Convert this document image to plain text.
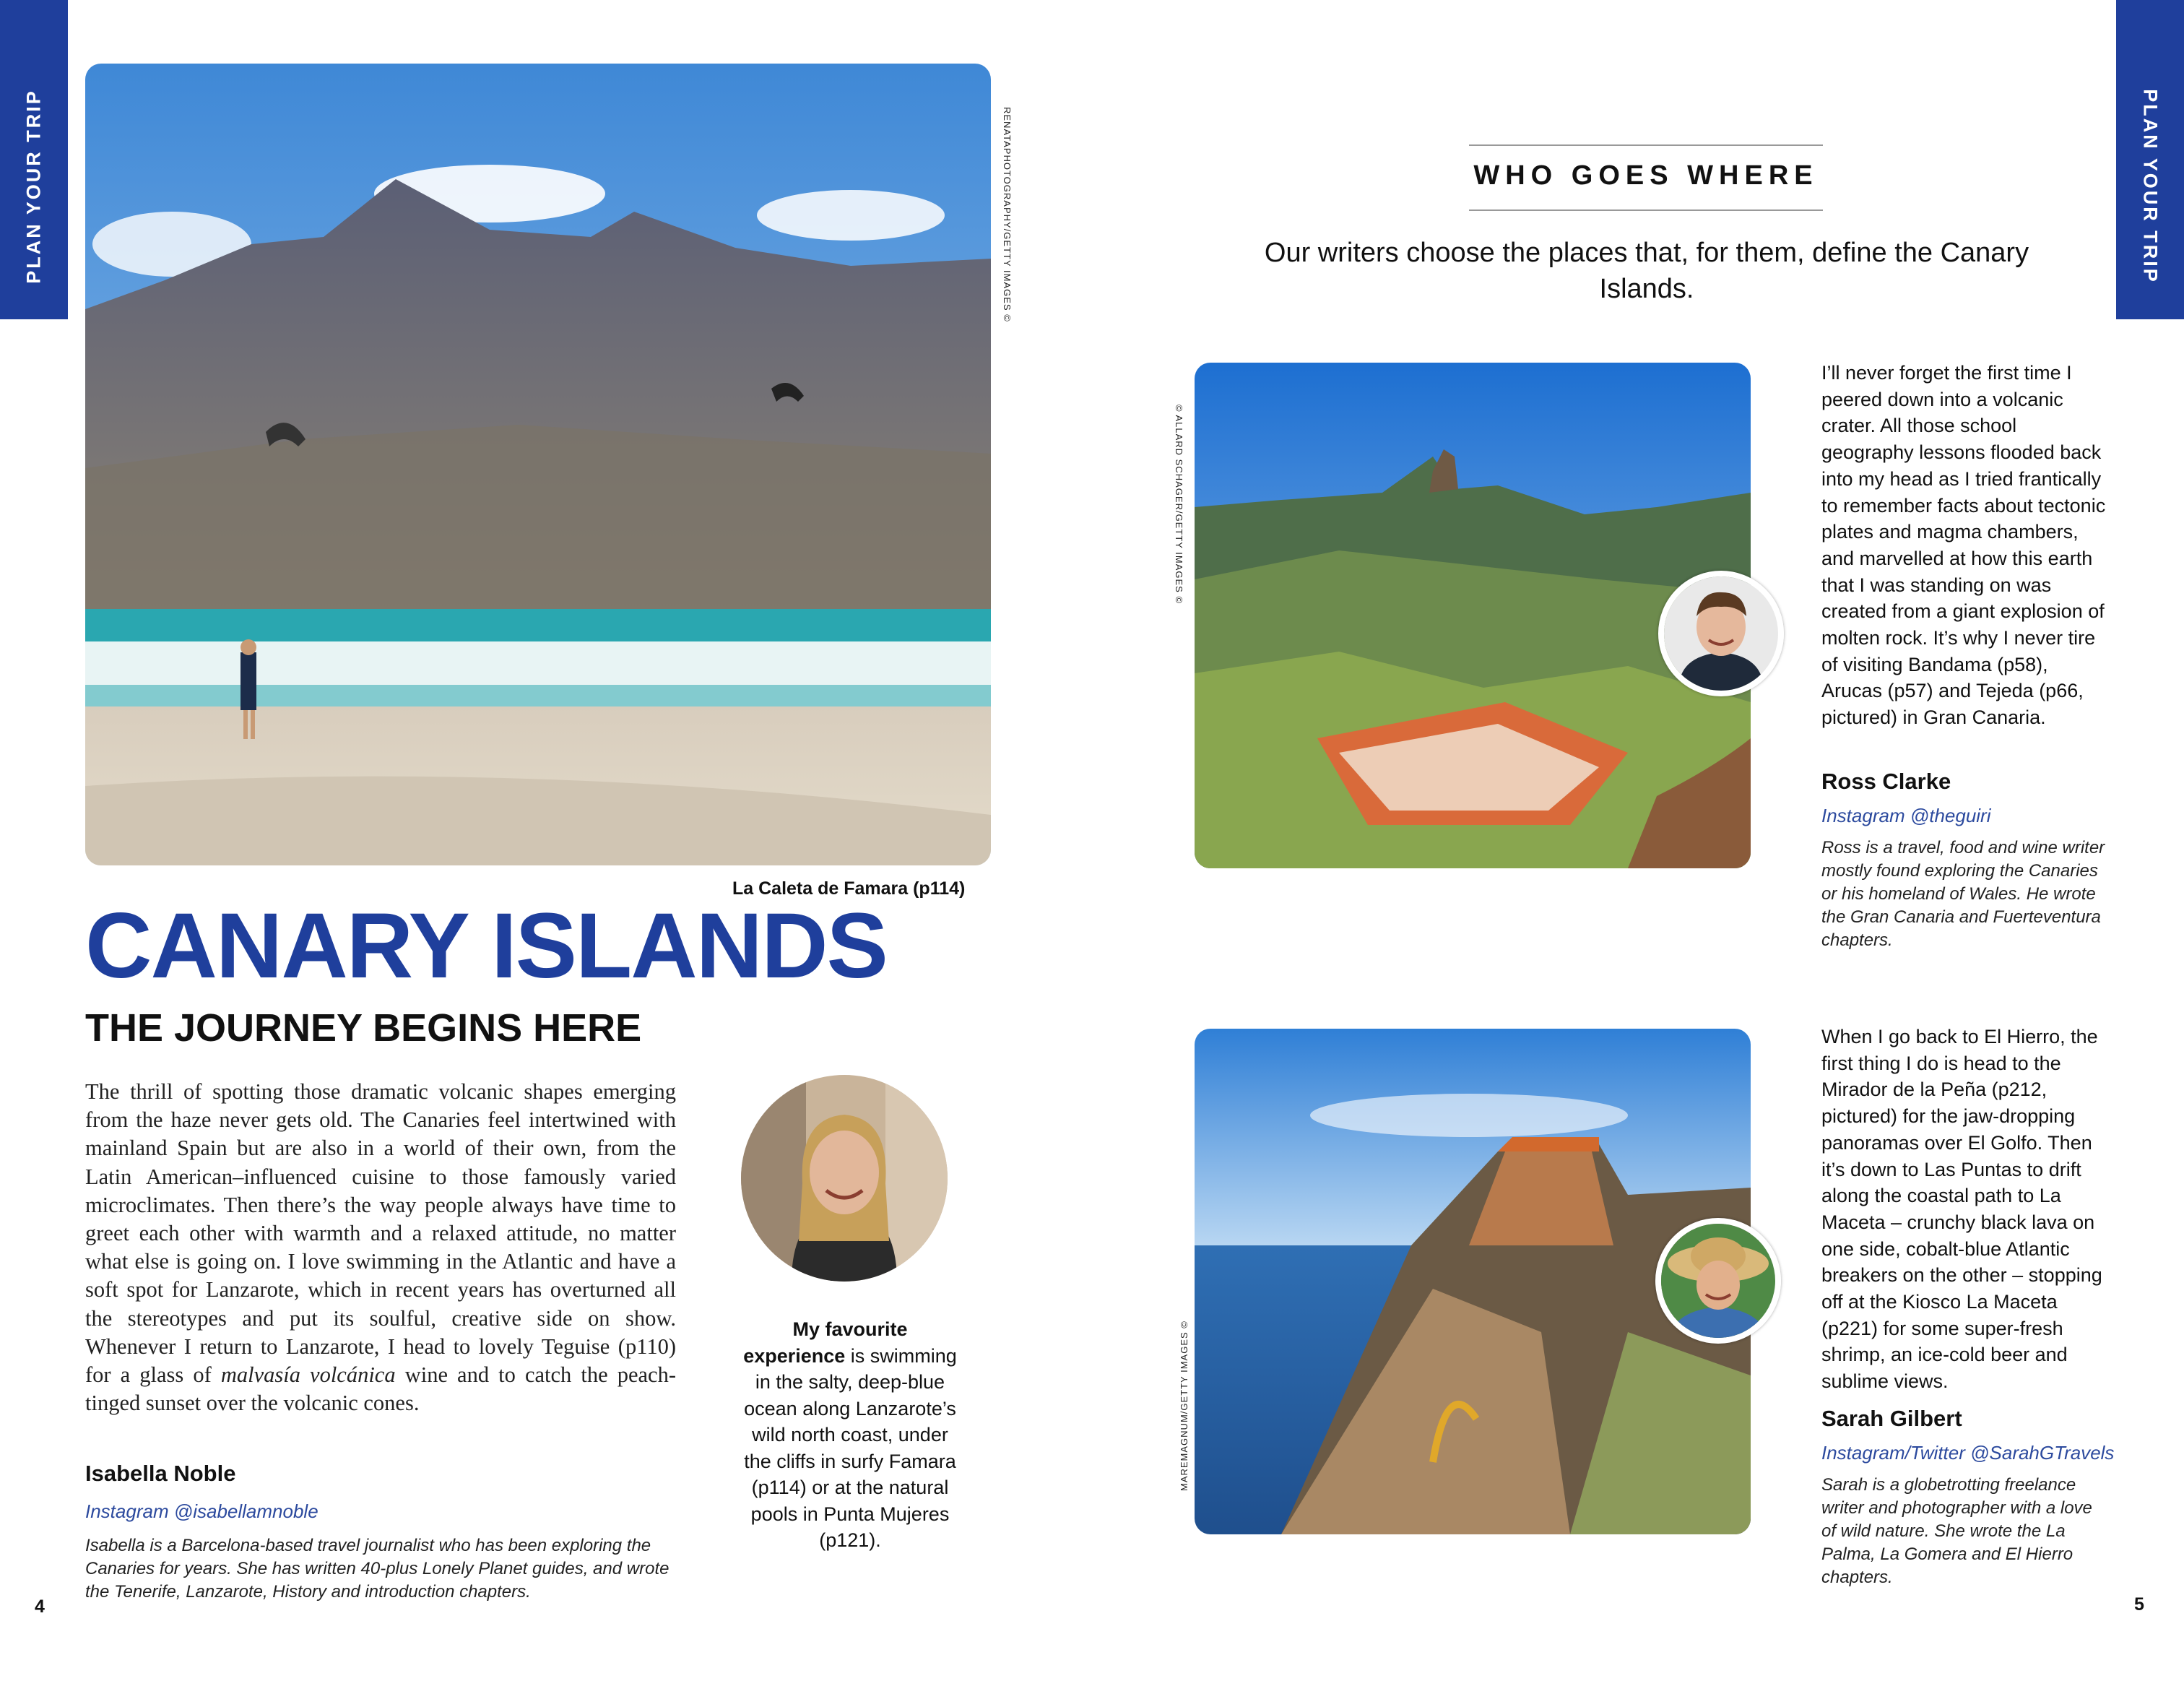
PLAN YOUR TRIP	PLAN YOUR TRIP
RENATAPHOTOGRAPHY/GETTY IMAGES ©
La Caleta de Famara (p114)
CANARY ISLANDS
THE JOURNEY BEGINS HERE
The thrill of spotting those dramatic volcanic shapes emerging from the haze never gets old. The Canaries feel intertwined with mainland Spain but are also in a world of their own, from the Latin American–influenced cuisine to those famously varied microclimates. Then there’s the way people always have time to greet each other with warmth and a relaxed attitude, no matter what else is going on. I love swimming in the Atlantic and have a soft spot for Lanzarote, which in recent years has overturned all the stereotypes and put its soulful, creative side on show. Whenever I return to Lanzarote, I head to lovely Teguise (p110) for a glass of malvasía volcánica wine and to catch the peach-tinged sunset over the volcanic cones.
My favourite experience is swimming in the salty, deep-blue ocean along Lanzarote’s wild north coast, under the cliffs in surfy Famara (p114) or at the natural pools in Punta Mujeres (p121).
Isabella Noble
Instagram @isabellamnoble
Isabella is a Barcelona-based travel journalist who has been exploring the Canaries for years. She has written 40-plus Lonely Planet guides, and wrote the Tenerife, Lanzarote, History and introduction chapters.
4
WHO GOES WHERE
Our writers choose the places that, for them, define the Canary Islands.
© ALLARD SCHAGER/GETTY IMAGES ©
I’ll never forget the first time I peered down into a volcanic crater. All those school geography lessons flooded back into my head as I tried frantically to remember facts about tectonic plates and magma chambers, and marvelled at how this earth that I was standing on was created from a giant explosion of molten rock. It’s why I never tire of visiting Bandama (p58), Arucas (p57) and Tejeda (p66, pictured) in Gran Canaria.
Ross Clarke
Instagram @theguiri
Ross is a travel, food and wine writer mostly found exploring the Canaries or his homeland of Wales. He wrote the Gran Canaria and Fuerteventura chapters.
MAREMAGNUM/GETTY IMAGES ©
When I go back to El Hierro, the first thing I do is head to the Mirador de la Peña (p212, pictured) for the jaw-dropping panoramas over El Golfo. Then it’s down to Las Puntas to drift along the coastal path to La Maceta – crunchy black lava on one side, cobalt-blue Atlantic breakers on the other – stopping off at the Kiosco La Maceta (p221) for some super-fresh shrimp, an ice-cold beer and sublime views.
Sarah Gilbert
Instagram/Twitter @SarahGTravels
Sarah is a globetrotting freelance writer and photographer with a love of wild nature. She wrote the La Palma, La Gomera and El Hierro chapters.
5
